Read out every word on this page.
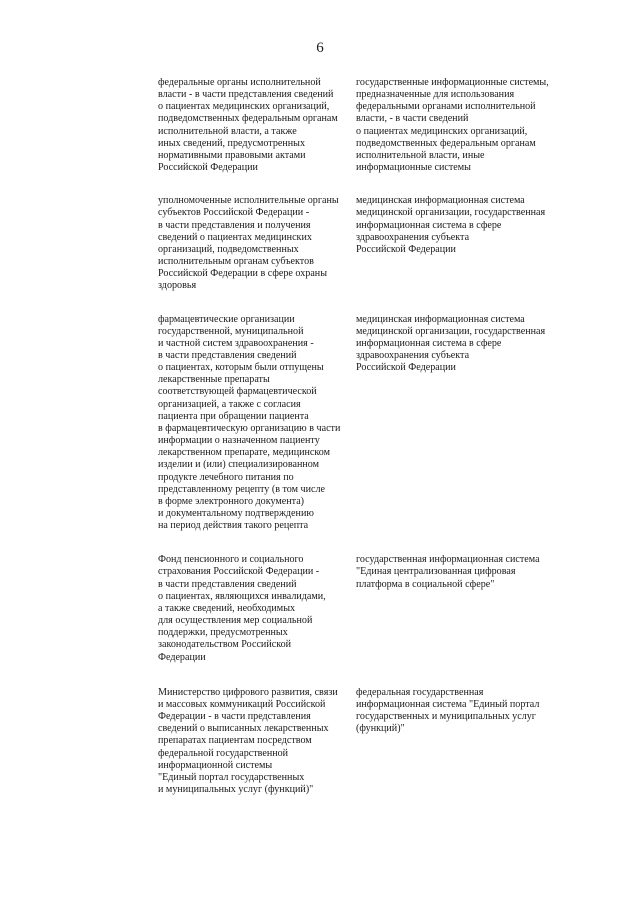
6
федеральные органы исполнительной
власти - в части представления сведений
о пациентах медицинских организаций,
подведомственных федеральным органам
исполнительной власти, а также
иных сведений, предусмотренных
нормативными правовыми актами
Российской Федерации
государственные информационные системы,
предназначенные для использования
федеральными органами исполнительной
власти, - в части сведений
о пациентах медицинских организаций,
подведомственных федеральным органам
исполнительной власти, иные
информационные системы
уполномоченные исполнительные органы
субъектов Российской Федерации -
в части представления и получения
сведений о пациентах медицинских
организаций, подведомственных
исполнительным органам субъектов
Российской Федерации в сфере охраны
здоровья
медицинская информационная система
медицинской организации, государственная
информационная система в сфере
здравоохранения субъекта
Российской Федерации
фармацевтические организации
государственной, муниципальной
и частной систем здравоохранения -
в части представления сведений
о пациентах, которым были отпущены
лекарственные препараты
соответствующей фармацевтической
организацией, а также с согласия
пациента при обращении пациента
в фармацевтическую организацию в части
информации о назначенном пациенту
лекарственном препарате, медицинском
изделии и (или) специализированном
продукте лечебного питания по
представленному рецепту (в том числе
в форме электронного документа)
и документальному подтверждению
на период действия такого рецепта
медицинская информационная система
медицинской организации, государственная
информационная система в сфере
здравоохранения субъекта
Российской Федерации
Фонд пенсионного и социального
страхования Российской Федерации -
в части представления сведений
о пациентах, являющихся инвалидами,
а также сведений, необходимых
для осуществления мер социальной
поддержки, предусмотренных
законодательством Российской
Федерации
государственная информационная система
"Единая централизованная цифровая
платформа в социальной сфере"
Министерство цифрового развития, связи
и массовых коммуникаций Российской
Федерации - в части представления
сведений о выписанных лекарственных
препаратах пациентам посредством
федеральной государственной
информационной системы
"Единый портал государственных
и муниципальных услуг (функций)"
федеральная государственная
информационная система "Единый портал
государственных и муниципальных услуг
(функций)"
